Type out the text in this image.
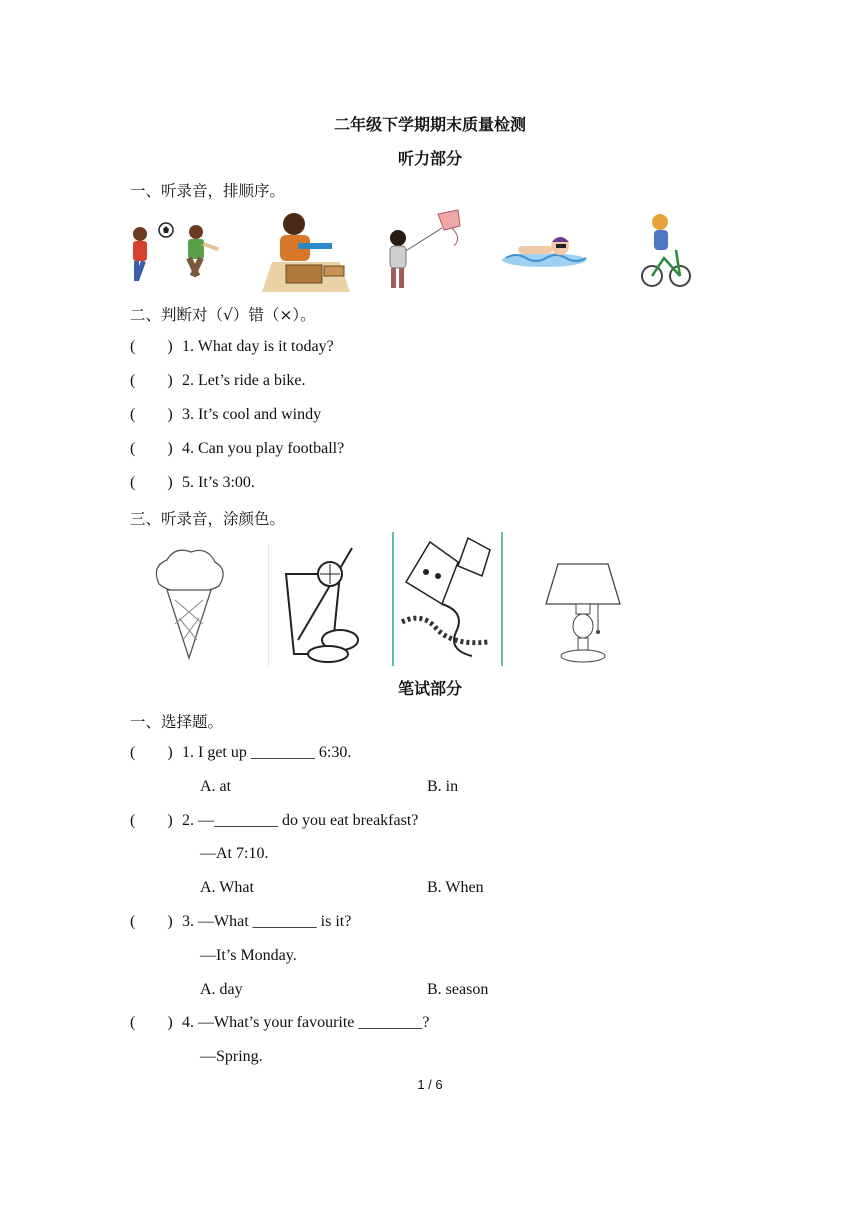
二年级下学期期末质量检测
听力部分
一、听录音，排顺序。
二、判断对（√）错（×）。
(        ) 1. What day is it today?
(        ) 2. Let’s ride a bike.
(        ) 3. It’s cool and windy
(        ) 4. Can you play football?
(        ) 5. It’s 3:00.
三、听录音，涂颜色。
笔试部分
一、选择题。
(        ) 1. I get up ________ 6:30.
A. at	B. in
(        ) 2. —________ do you eat breakfast?
—At 7:10.
A. What	B. When
(        ) 3. —What ________ is it?
—It’s Monday.
A. day	B. season
(        ) 4. —What’s your favourite ________?
—Spring.
1 / 6
